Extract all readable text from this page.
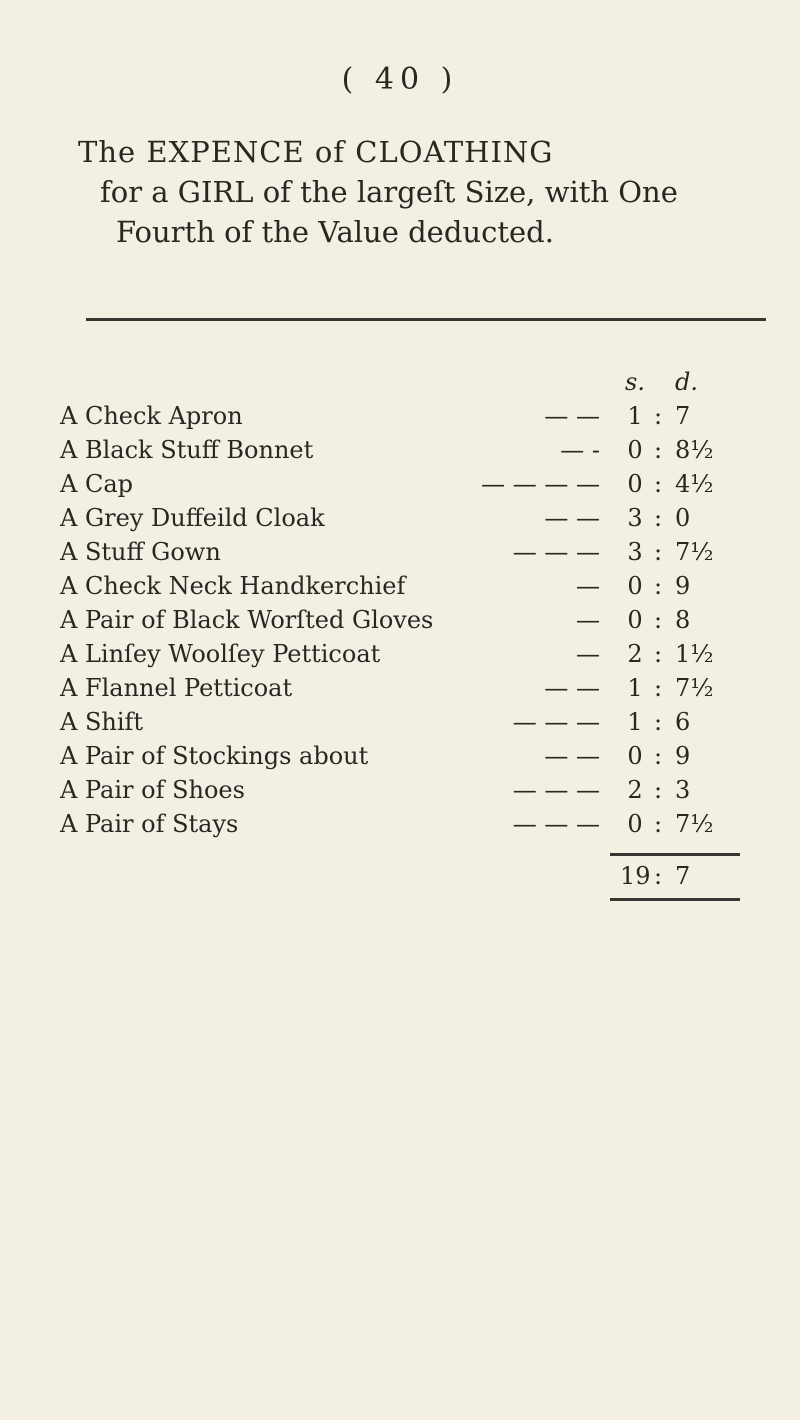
( 40 )
The EXPENCE of CLOATHING
for a GIRL of the largeſt Size, with One
Fourth of the Value deducted.
s. d.
A Check Apron	— —	1 : 7
A Black Stuff Bonnet	— -	0 : 8½
A Cap	— — — —	0 : 4½
A Grey Duffeild Cloak	— —	3 : 0
A Stuff Gown	— — —	3 : 7½
A Check Neck Handkerchief	—	0 : 9
A Pair of Black Worſted Gloves	—	0 : 8
A Linſey Woolſey Petticoat	—	2 : 1½
A Flannel Petticoat	— —	1 : 7½
A Shift	— — —	1 : 6
A Pair of Stockings about	— —	0 : 9
A Pair of Shoes	— — —	2 : 3
A Pair of Stays	— — —	0 : 7½
19 : 7
